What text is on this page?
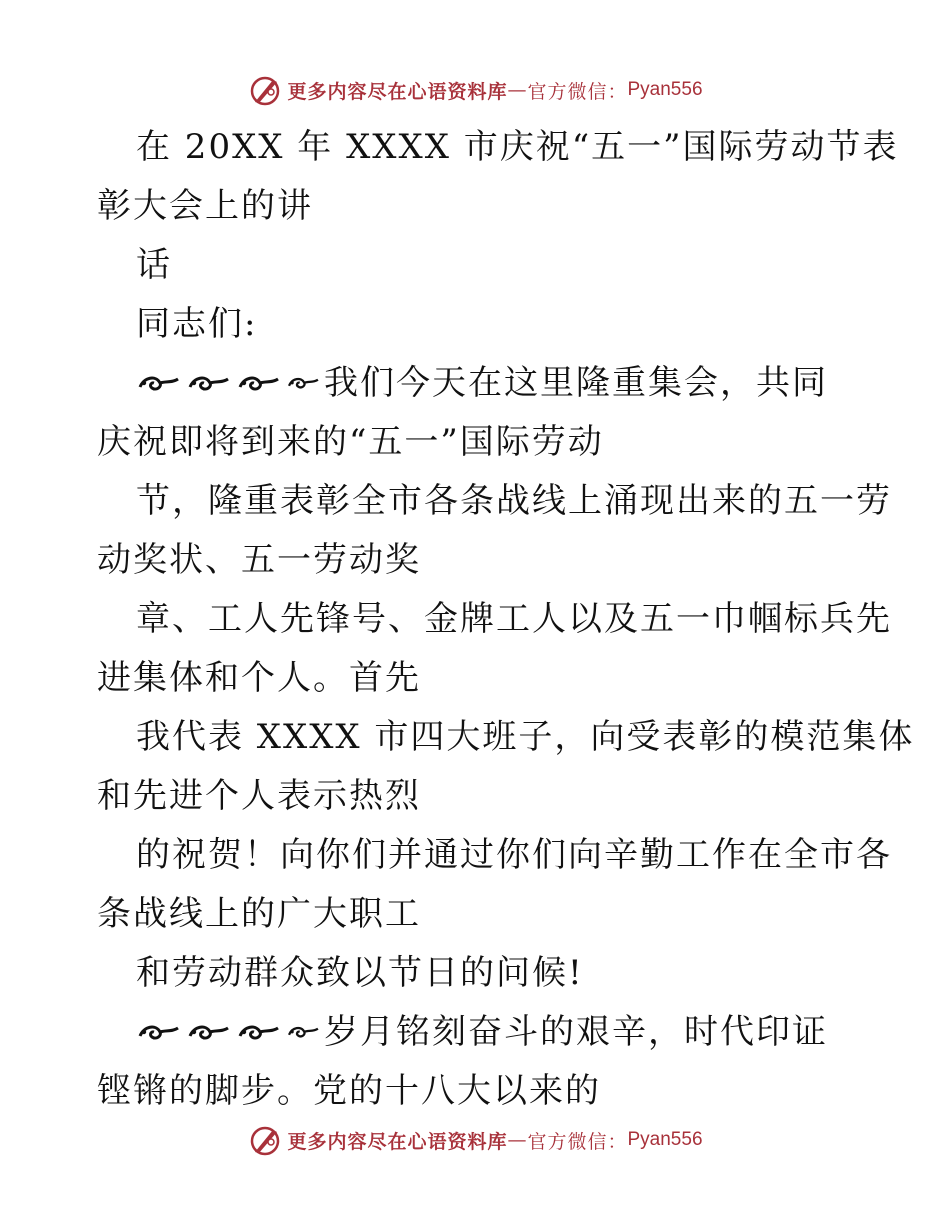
更多内容尽在心语资料库 — 官方微信： Pyan556
在 20XX 年 XXXX 市庆祝“五一”国际劳动节表
彰大会上的讲
话
同志们:
我们今天在这里隆重集会，共同
庆祝即将到来的“五一”国际劳动
节，隆重表彰全市各条战线上涌现出来的五一劳
动奖状、五一劳动奖
章、工人先锋号、金牌工人以及五一巾帼标兵先
进集体和个人。首先
我代表 XXXX 市四大班子，向受表彰的模范集体
和先进个人表示热烈
的祝贺！向你们并通过你们向辛勤工作在全市各
条战线上的广大职工
和劳动群众致以节日的问候!
岁月铭刻奋斗的艰辛，时代印证
铿锵的脚步。党的十八大以来的
更多内容尽在心语资料库 — 官方微信： Pyan556
